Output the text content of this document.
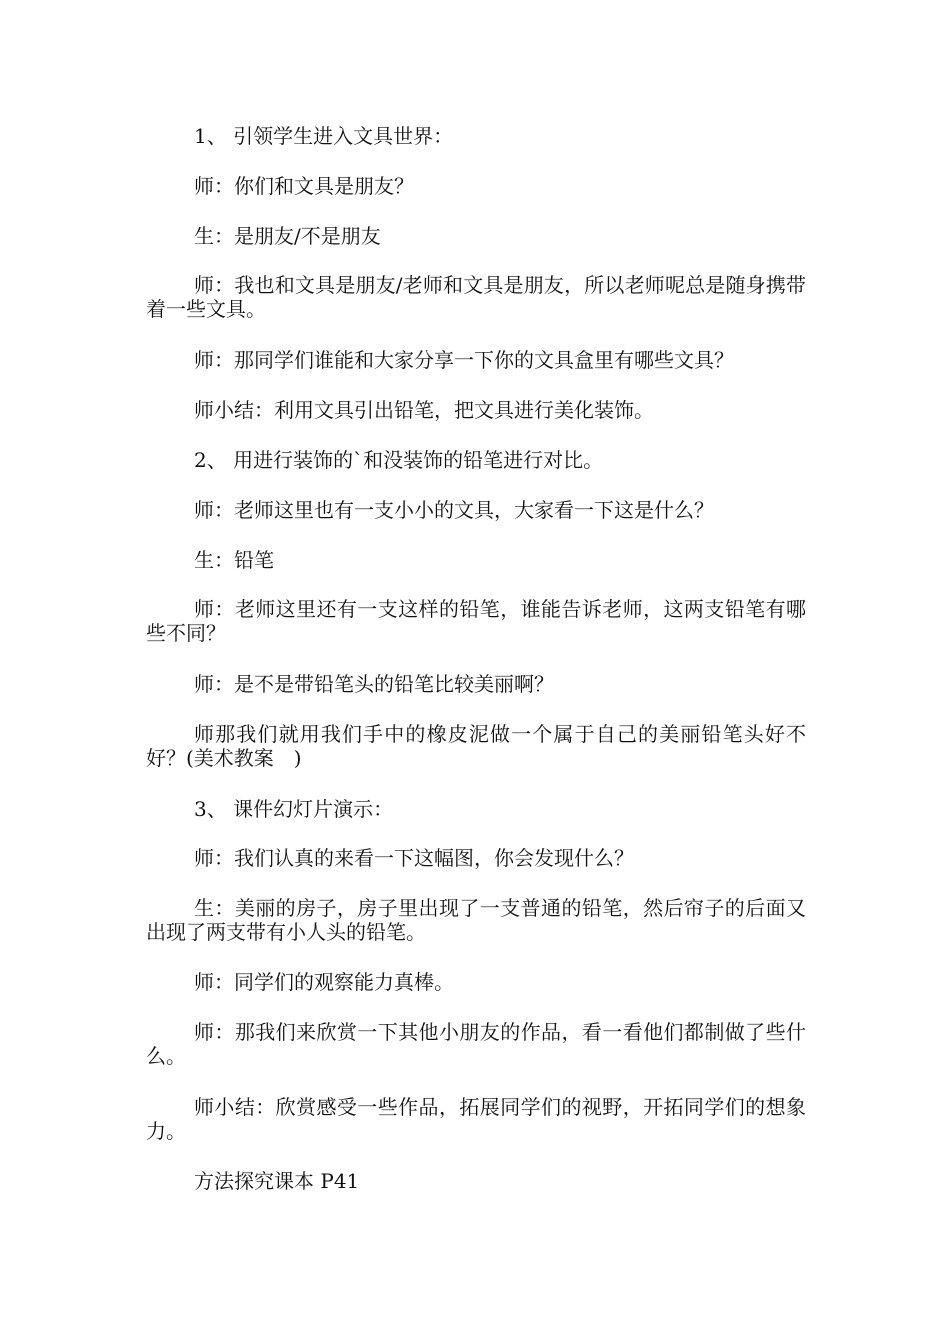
1、 引领学生进入文具世界：

师：你们和文具是朋友？

生：是朋友/不是朋友

师：我也和文具是朋友/老师和文具是朋友，所以老师呢总是随身携带着一些文具。

师：那同学们谁能和大家分享一下你的文具盒里有哪些文具？

师小结：利用文具引出铅笔，把文具进行美化装饰。

2、 用进行装饰的`和没装饰的铅笔进行对比。

师：老师这里也有一支小小的文具，大家看一下这是什么？

生：铅笔

师：老师这里还有一支这样的铅笔，谁能告诉老师，这两支铅笔有哪些不同？

师：是不是带铅笔头的铅笔比较美丽啊？

师那我们就用我们手中的橡皮泥做一个属于自己的美丽铅笔头好不好？(美术教案　)

3、 课件幻灯片演示：

师：我们认真的来看一下这幅图，你会发现什么？

生：美丽的房子，房子里出现了一支普通的铅笔，然后帘子的后面又出现了两支带有小人头的铅笔。

师：同学们的观察能力真棒。

师：那我们来欣赏一下其他小朋友的作品，看一看他们都制做了些什么。

师小结：欣赏感受一些作品，拓展同学们的视野，开拓同学们的想象力。

方法探究课本 P41
